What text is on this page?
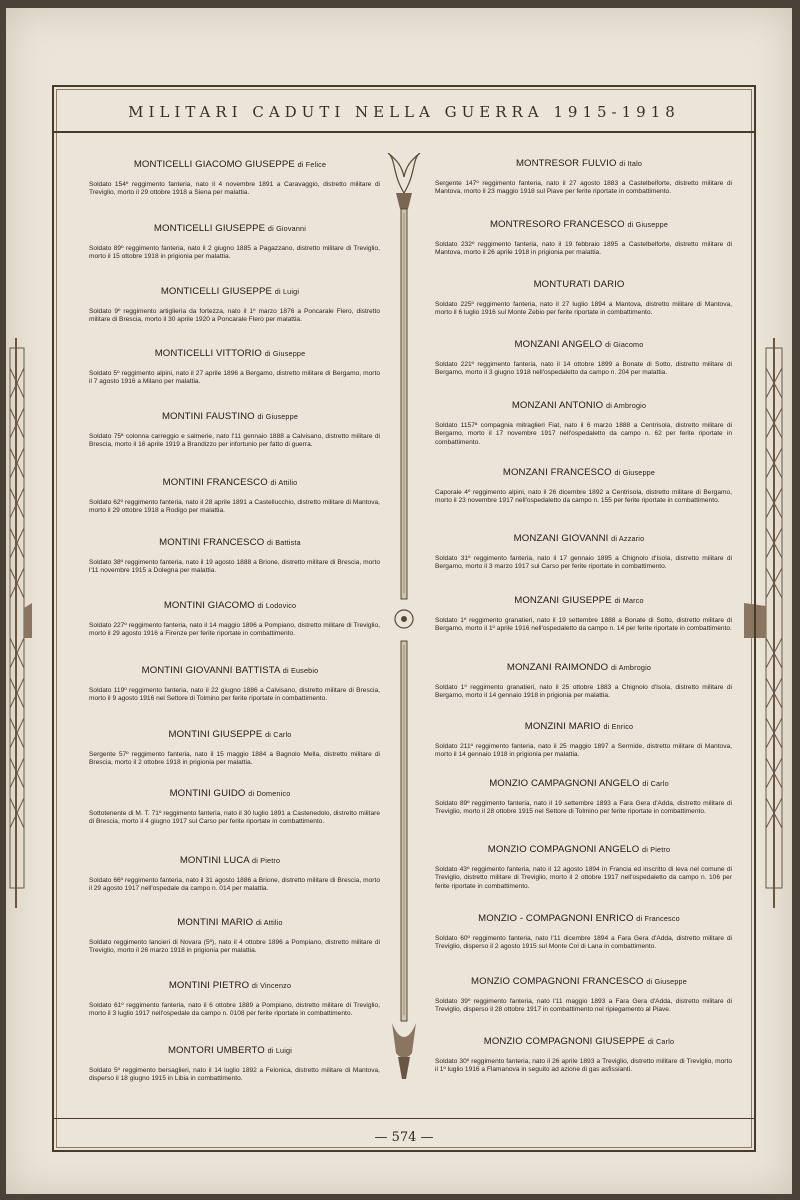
MILITARI CADUTI NELLA GUERRA 1915-1918
MONTICELLI GIACOMO GIUSEPPE di Felice
Soldato 154º reggimento fanteria, nato il 4 novembre 1891 a Caravaggio, distretto militare di Treviglio, morto il 29 ottobre 1918 a Siena per malattia.
MONTICELLI GIUSEPPE di Giovanni
Soldato 89º reggimento fanteria, nato il 2 giugno 1885 a Pagazzano, distretto militare di Treviglio, morto il 15 ottobre 1918 in prigionia per malattia.
MONTICELLI GIUSEPPE di Luigi
Soldato 9º reggimento artiglieria da fortezza, nato il 1º marzo 1876 a Poncarale Flero, distretto militare di Brescia, morto il 30 aprile 1920 a Poncarale Flero per malattia.
MONTICELLI VITTORIO di Giuseppe
Soldato 5º reggimento alpini, nato il 27 aprile 1896 a Bergamo, distretto militare di Bergamo, morto il 7 agosto 1916 a Milano per malattia.
MONTINI FAUSTINO di Giuseppe
Soldato 75ª colonna carreggio e salmerie, nato l'11 gennaio 1888 a Calvisano, distretto militare di Brescia, morto il 16 aprile 1919 a Brandizzo per infortunio per fatto di guerra.
MONTINI FRANCESCO di Attilio
Soldato 62º reggimento fanteria, nato il 28 aprile 1891 a Castellucchio, distretto militare di Mantova, morto il 29 ottobre 1918 a Rodigo per malattia.
MONTINI FRANCESCO di Battista
Soldato 38º reggimento fanteria, nato il 19 agosto 1888 a Brione, distretto militare di Brescia, morto l'11 novembre 1915 a Dolegna per malattia.
MONTINI GIACOMO di Lodovico
Soldato 227º reggimento fanteria, nato il 14 maggio 1896 a Pompiano, distretto militare di Treviglio, morto il 29 agosto 1916 a Firenze per ferite riportate in combattimento.
MONTINI GIOVANNI BATTISTA di Eusebio
Soldato 119º reggimento fanteria, nato il 22 giugno 1886 a Calvisano, distretto militare di Brescia, morto il 9 agosto 1916 nel Settore di Tolmino per ferite riportate in combattimento.
MONTINI GIUSEPPE di Carlo
Sergente 57º reggimento fanteria, nato il 15 maggio 1884 a Bagnolo Mella, distretto militare di Brescia, morto il 2 ottobre 1918 in prigionia per malattia.
MONTINI GUIDO di Domenico
Sottotenente di M. T. 71º reggimento fanteria, nato il 30 luglio 1891 a Castenedolo, distretto militare di Brescia, morto il 4 giugno 1917 sul Carso per ferite riportate in combattimento.
MONTINI LUCA di Pietro
Soldato 66º reggimento fanteria, nato il 31 agosto 1886 a Brione, distretto militare di Brescia, morto il 29 agosto 1917 nell'ospedale da campo n. 014 per malattia.
MONTINI MARIO di Attilio
Soldato reggimento lancieri di Novara (5º), nato il 4 ottobre 1896 a Pompiano, distretto militare di Treviglio, morto il 26 marzo 1918 in prigionia per malattia.
MONTINI PIETRO di Vincenzo
Soldato 61º reggimento fanteria, nato il 6 ottobre 1889 a Pompiano, distretto militare di Treviglio, morto il 3 luglio 1917 nell'ospedale da campo n. 0108 per ferite riportate in combattimento.
MONTORI UMBERTO di Luigi
Soldato 5º reggimento bersaglieri, nato il 14 luglio 1892 a Felonica, distretto militare di Mantova, disperso il 18 giugno 1915 in Libia in combattimento.
MONTRESOR FULVIO di Italo
Sergente 147º reggimento fanteria, nato il 27 agosto 1883 a Castelbelforte, distretto militare di Mantova, morto il 23 maggio 1918 sul Piave per ferite riportate in combattimento.
MONTRESORO FRANCESCO di Giuseppe
Soldato 232º reggimento fanteria, nato il 19 febbraio 1895 a Castelbelforte, distretto militare di Mantova, morto il 26 aprile 1918 in prigionia per malattia.
MONTURATI DARIO
Soldato 225º reggimento fanteria, nato il 27 luglio 1894 a Mantova, distretto militare di Mantova, morto il 6 luglio 1916 sul Monte Zebio per ferite riportate in combattimento.
MONZANI ANGELO di Giacomo
Soldato 221º reggimento fanteria, nato il 14 ottobre 1899 a Bonate di Sotto, distretto militare di Bergamo, morto il 3 giugno 1918 nell'ospedaletto da campo n. 204 per malattia.
MONZANI ANTONIO di Ambrogio
Soldato 1157ª compagnia mitraglieri Fiat, nato il 6 marzo 1888 a Centrisola, distretto militare di Bergamo, morto il 17 novembre 1917 nell'ospedaletto da campo n. 62 per ferite riportate in combattimento.
MONZANI FRANCESCO di Giuseppe
Caporale 4º reggimento alpini, nato il 26 dicembre 1892 a Centrisola, distretto militare di Bergamo, morto il 23 novembre 1917 nell'ospedaletto da campo n. 155 per ferite riportate in combattimento.
MONZANI GIOVANNI di Azzario
Soldato 31º reggimento fanteria, nato il 17 gennaio 1895 a Chignolo d'Isola, distretto militare di Bergamo, morto il 3 marzo 1917 sul Carso per ferite riportate in combattimento.
MONZANI GIUSEPPE di Marco
Soldato 1º reggimento granatieri, nato il 19 settembre 1888 a Bonate di Sotto, distretto militare di Bergamo, morto il 1º aprile 1916 nell'ospedaletto da campo n. 14 per ferite riportate in combattimento.
MONZANI RAIMONDO di Ambrogio
Soldato 1º reggimento granatieri, nato il 25 ottobre 1883 a Chignolo d'Isola, distretto militare di Bergamo, morto il 14 gennaio 1918 in prigionia per malattia.
MONZINI MARIO di Enrico
Soldato 211º reggimento fanteria, nato il 25 maggio 1897 a Sermide, distretto militare di Mantova, morto il 14 gennaio 1918 in prigionia per malattia.
MONZIO CAMPAGNONI ANGELO di Carlo
Soldato 89º reggimento fanteria, nato il 19 settembre 1893 a Fara Gera d'Adda, distretto militare di Treviglio, morto il 28 ottobre 1915 nel Settore di Tolmino per ferite riportate in combattimento.
MONZIO COMPAGNONI ANGELO di Pietro
Soldato 43º reggimento fanteria, nato il 12 agosto 1894 in Francia ed inscritto di leva nel comune di Treviglio, distretto militare di Treviglio, morto il 2 ottobre 1917 nell'ospedaletto da campo n. 106 per ferite riportate in combattimento.
MONZIO - COMPAGNONI ENRICO di Francesco
Soldato 60º reggimento fanteria, nato l'11 dicembre 1894 a Fara Gera d'Adda, distretto militare di Treviglio, disperso il 2 agosto 1915 sul Monte Col di Lana in combattimento.
MONZIO COMPAGNONI FRANCESCO di Giuseppe
Soldato 39º reggimento fanteria, nato l'11 maggio 1893 a Fara Gera d'Adda, distretto militare di Treviglio, disperso il 28 ottobre 1917 in combattimento nel ripiegamento al Piave.
MONZIO COMPAGNONI GIUSEPPE di Carlo
Soldato 30º reggimento fanteria, nato il 26 aprile 1893 a Treviglio, distretto militare di Treviglio, morto il 1º luglio 1916 a Flamanova in seguito ad azione di gas asfissianti.
— 574 —
